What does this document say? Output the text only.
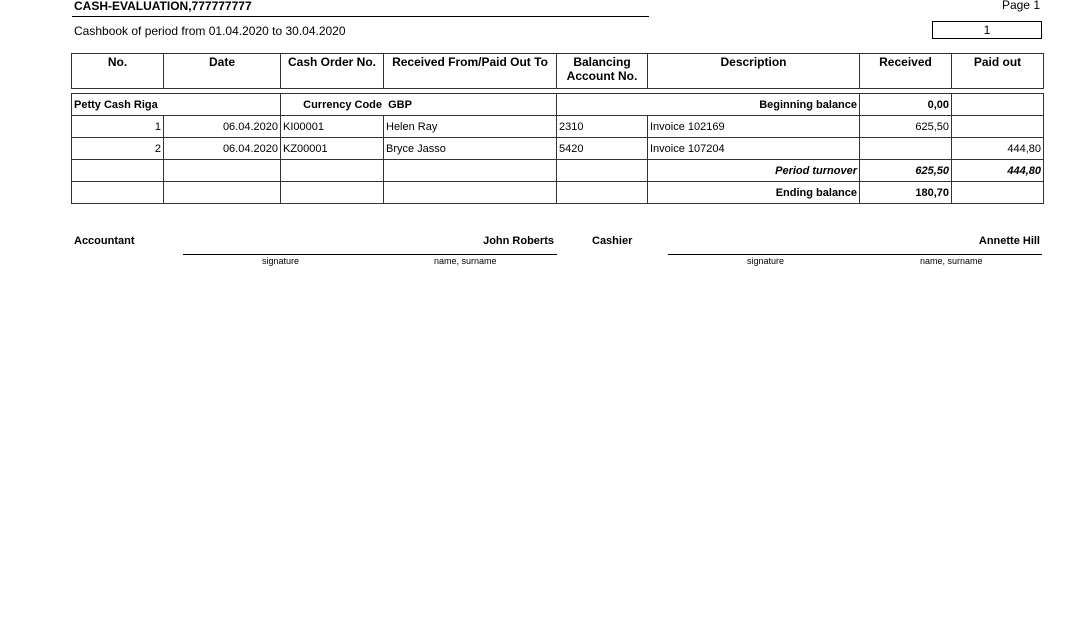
CASH-EVALUATION,777777777	Page 1
Cashbook of period from 01.04.2020 to 30.04.2020	1
No.	Date	Cash Order No.	Received From/Paid Out To	Balancing Account No.	Description	Received	Paid out
Petty Cash Riga		Currency Code GBP		Beginning balance		0,00	
1	06.04.2020	KI00001	Helen Ray	2310	Invoice 102169	625,50	
2	06.04.2020	KZ00001	Bryce Jasso	5420	Invoice 107204		444,80
					Period turnover	625,50	444,80
					Ending balance	180,70	
Accountant	John Roberts
signature	name, surname
Cashier	Annette Hill
signature	name, surname
